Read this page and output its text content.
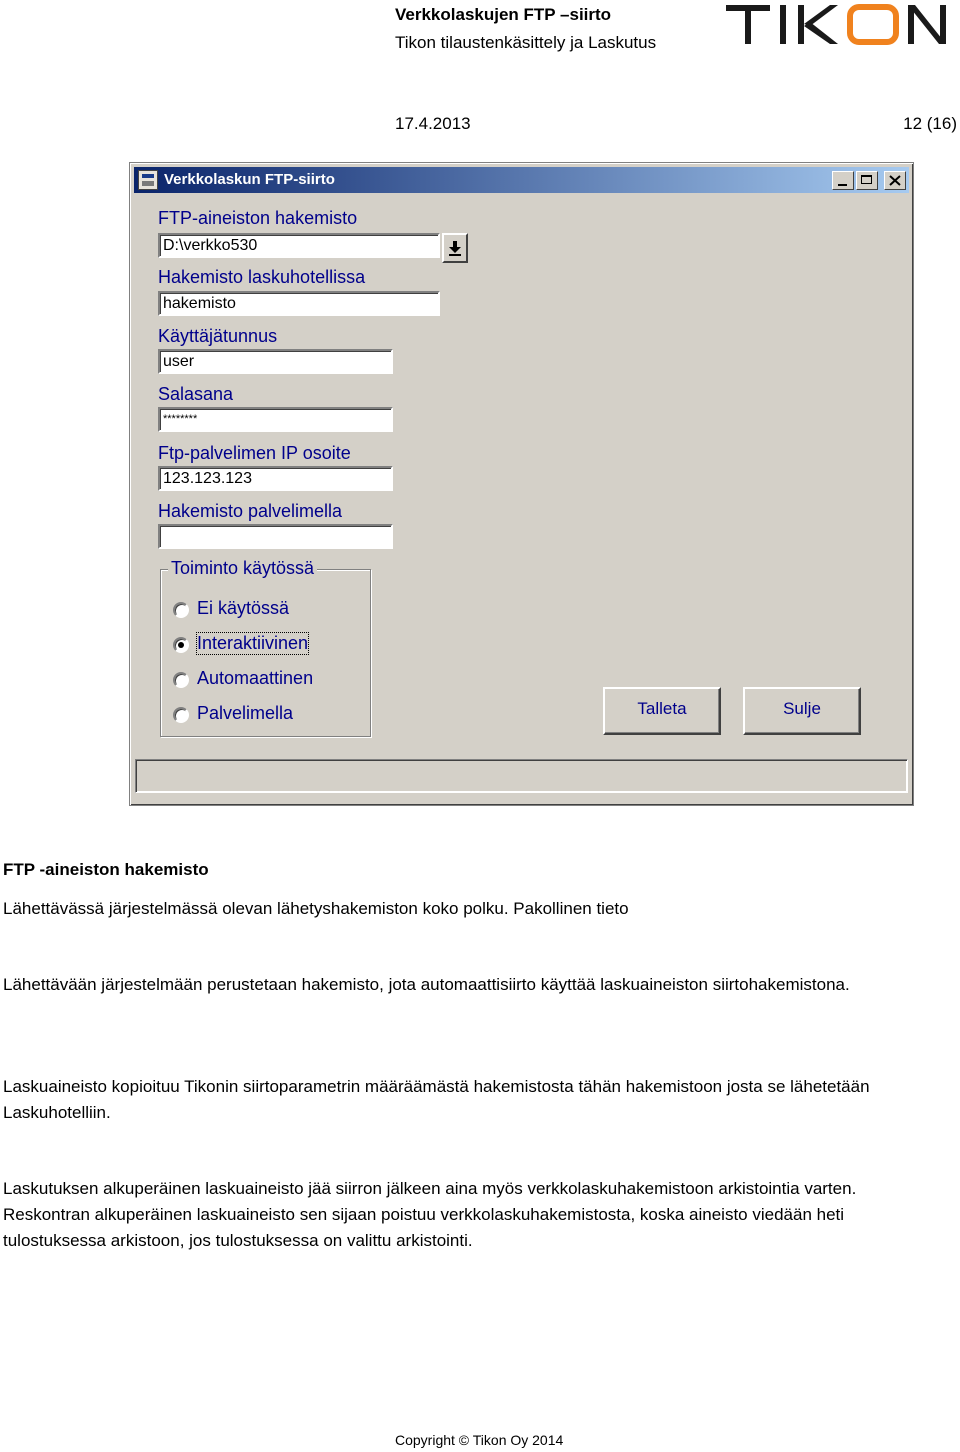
Verkkolaskujen FTP –siirto
Tikon tilaustenkäsittely ja Laskutus
17.4.2013	12 (16)
Verkkolaskun FTP-siirto
FTP-aineiston hakemisto
D:\verkko530
Hakemisto laskuhotellissa
hakemisto
Käyttäjätunnus
user
Salasana
********
Ftp-palvelimen IP osoite
123.123.123
Hakemisto palvelimella
Toiminto käytössä
Ei käytössä
Interaktiivinen
Automaattinen
Palvelimella	Talleta	Sulje
FTP -aineiston hakemisto
Lähettävässä järjestelmässä olevan lähetyshakemiston koko polku. Pakollinen tieto
Lähettävään järjestelmään perustetaan hakemisto, jota automaattisiirto käyttää laskuaineiston siirtohakemistona.
Laskuaineisto kopioituu Tikonin siirtoparametrin määräämästä hakemistosta tähän hakemistoon josta se lähetetään Laskuhotelliin.
Laskutuksen alkuperäinen laskuaineisto jää siirron jälkeen aina myös verkkolaskuhakemistoon arkistointia varten. Reskontran alkuperäinen laskuaineisto sen sijaan poistuu verkkolaskuhakemistosta, koska aineisto viedään heti tulostuksessa arkistoon, jos tulostuksessa on valittu arkistointi.
Copyright © Tikon Oy 2014
